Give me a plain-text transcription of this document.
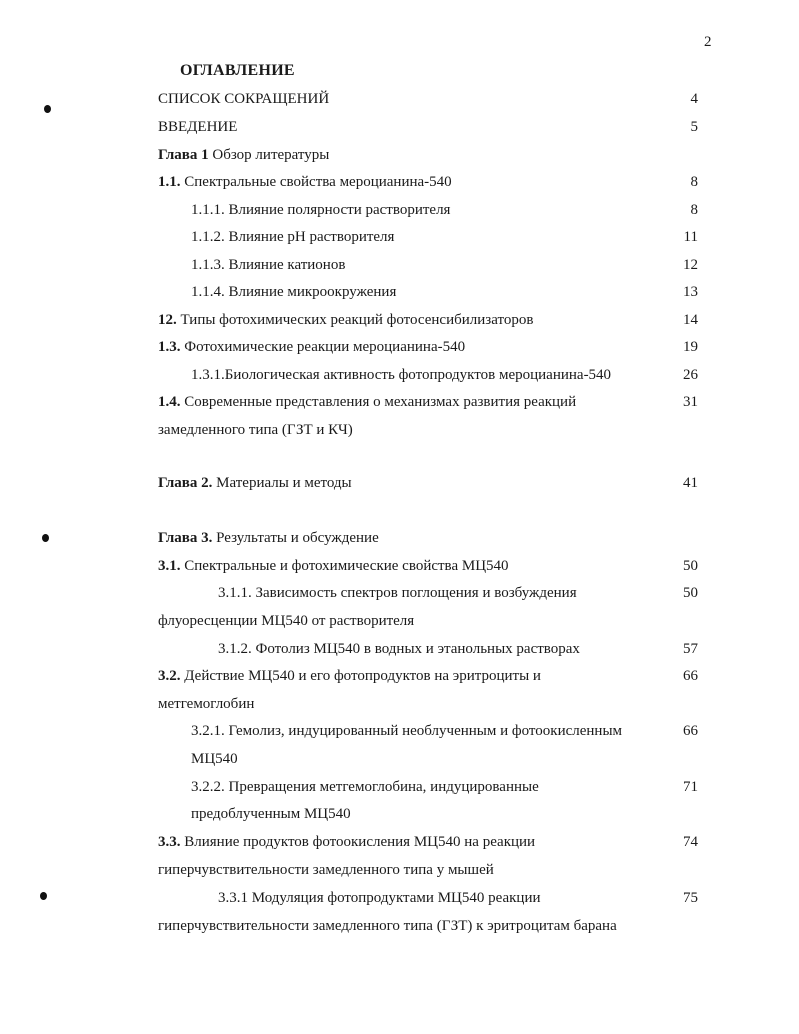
2
ОГЛАВЛЕНИЕ
СПИСОК СОКРАЩЕНИЙ	4
ВВЕДЕНИЕ	5
Глава 1 Обзор литературы
1.1. Спектральные свойства мероцианина-540	8
1.1.1. Влияние полярности растворителя	8
1.1.2. Влияние pH растворителя	11
1.1.3. Влияние катионов	12
1.1.4. Влияние микроокружения	13
12. Типы фотохимических реакций фотосенсибилизаторов	14
1.3. Фотохимические реакции мероцианина-540	19
1.3.1.Биологическая активность фотопродуктов мероцианина-540	26
1.4. Современные представления о механизмах развития реакций	31
замедленного типа (ГЗТ и КЧ)
Глава 2. Материалы и методы	41
Глава 3. Результаты и обсуждение
3.1. Спектральные и фотохимические свойства МЦ540	50
3.1.1. Зависимость спектров поглощения и возбуждения	50
флуоресценции МЦ540 от растворителя
3.1.2. Фотолиз МЦ540 в водных и этанольных растворах	57
3.2. Действие МЦ540 и его фотопродуктов на эритроциты и	66
метгемоглобин
3.2.1. Гемолиз, индуцированный необлученным и фотоокисленным	66
МЦ540
3.2.2. Превращения метгемоглобина, индуцированные	71
предоблученным МЦ540
3.3. Влияние продуктов фотоокисления МЦ540 на реакции	74
гиперчувствительности замедленного типа у мышей
3.3.1 Модуляция фотопродуктами МЦ540 реакции	75
гиперчувствительности замедленного типа (ГЗТ) к эритроцитам барана
